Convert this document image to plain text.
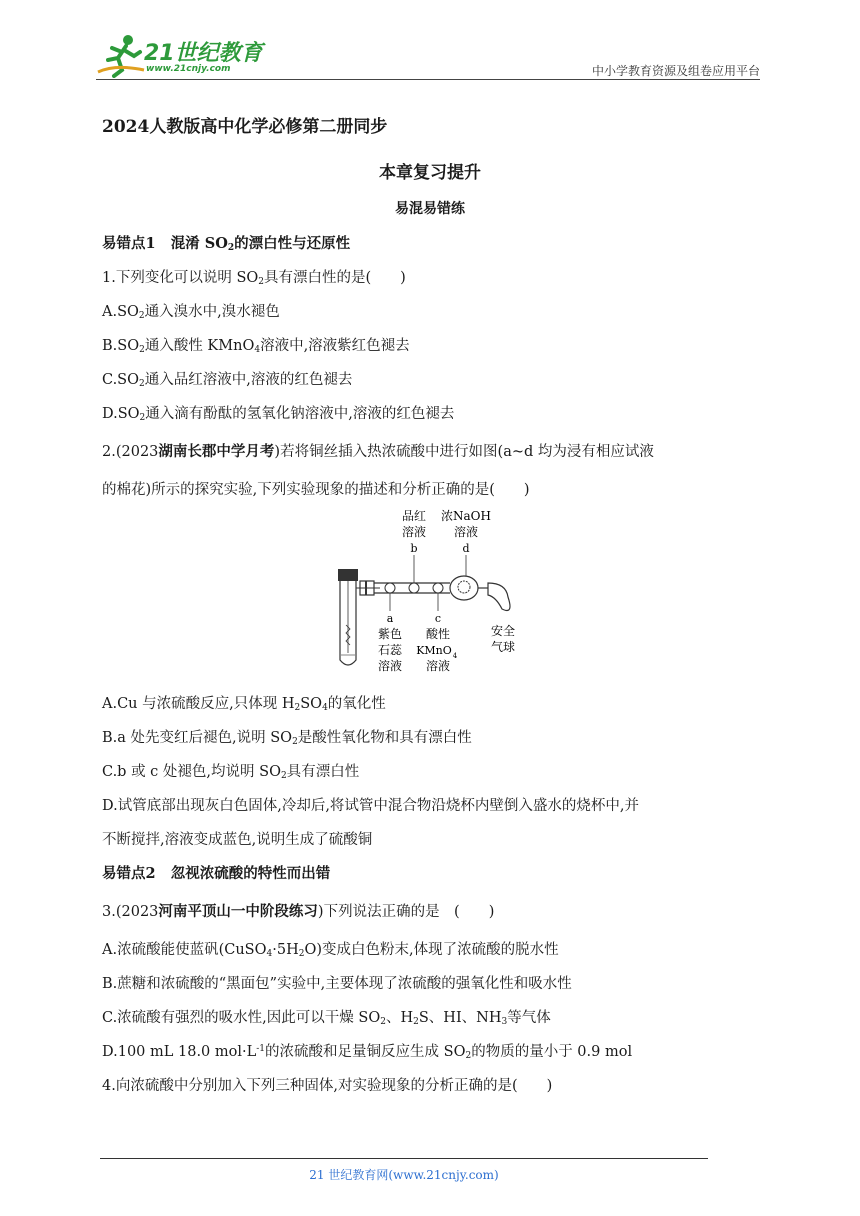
21世纪教育
www.21cnjy.com	中小学教育资源及组卷应用平台
2024人教版高中化学必修第二册同步
本章复习提升
易混易错练
易错点1 混淆 $SO_2$的漂白性与还原性
1.下列变化可以说明 $SO_2$具有漂白性的是(　　)
$A.SO_2$通入溴水中,溴水褪色
$B.SO_2$通入酸性 KMnO$_4$溶液中,溶液紫红色褪去
$C.SO_2$通入品红溶液中,溶液的红色褪去
$D.SO_2$通入滴有酚酞的氢氧化钠溶液中,溶液的红色褪去
2.(2023湖南长郡中学月考)若将铜丝插入热浓硫酸中进行如图(a~d 均为浸有相应试液
的棉花)所示的探究实验,下列实验现象的描述和分析正确的是(　　)
品红
溶液
b
浓NaOH
溶液
d
a
紫色
石蕊
溶液
c
酸性
KMnO 4
溶液
安全
气球
A.Cu 与浓硫酸反应,只体现 $H_2SO_4$的氧化性
B.a 处先变红后褪色,说明 $SO_2$是酸性氧化物和具有漂白性
C.b 或 c 处褪色,均说明 $SO_2$具有漂白性
D.试管底部出现灰白色固体,冷却后,将试管中混合物沿烧杯内壁倒入盛水的烧杯中,并
不断搅拌,溶液变成蓝色,说明生成了硫酸铜
易错点2 忽视浓硫酸的特性而出错
3.(2023河南平顶山一中阶段练习)下列说法正确的是　(　　)
A.浓硫酸能使蓝矾$(CuSO_4\cdot 5H_2O)$变成白色粉末,体现了浓硫酸的脱水性
B.蔗糖和浓硫酸的“黑面包”实验中,主要体现了浓硫酸的强氧化性和吸水性
C.浓硫酸有强烈的吸水性,因此可以干燥 $SO_2$、$H_2S$、HI、$NH_3$等气体
D.100 mL 18.0 $mol\cdot L^{-1}$的浓硫酸和足量铜反应生成 $SO_2$的物质的量小于 0.9 mol
4.向浓硫酸中分别加入下列三种固体,对实验现象的分析正确的是(　　)
21 世纪教育网(www.21cnjy.com)
